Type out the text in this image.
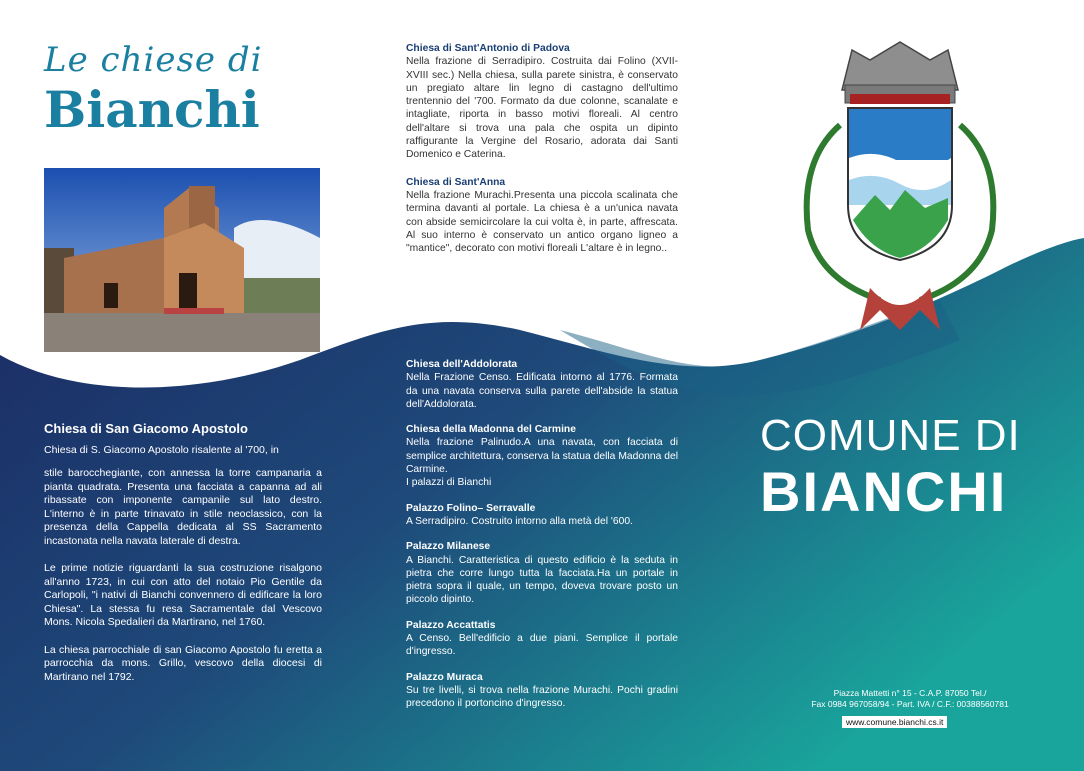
Le chiese di
Bianchi
Chiesa di Sant'Antonio di Padova

Nella frazione di Serradipiro. Costruita dai Folino (XVII-XVIII sec.) Nella chiesa, sulla parete sinistra, è conservato un pregiato altare lin legno di castagno dell'ultimo trentennio del '700. Formato da due colonne, scanalate e intagliate, riporta in basso motivi floreali. Al centro dell'altare si trova una pala che ospita un dipinto raffigurante la Vergine del Rosario, adorata dai Santi Domenico e Caterina.

Chiesa di Sant'Anna

Nella frazione Murachi.Presenta una piccola scalinata che termina davanti al portale. La chiesa è a un'unica navata con abside semicircolare la cui volta è, in parte, affrescata. Al suo interno è conservato un antico organo ligneo a "mantice", decorato con motivi floreali L'altare è in legno..

Chiesa di San Giacomo Apostolo

Chiesa di S. Giacomo Apostolo risalente al '700, in

stile barocchegiante, con annessa la torre campanaria a pianta quadrata. Presenta una facciata a capanna ad ali ribassate con imponente campanile sul lato destro. L'interno è in parte trinavato in stile neoclassico, con la presenza della Cappella dedicata al SS Sacramento incastonata nella navata laterale di destra.

Le prime notizie riguardanti la sua costruzione risalgono all'anno 1723, in cui con atto del notaio Pio Gentile da Carlopoli, "i nativi di Bianchi convennero di edificare la loro Chiesa". La stessa fu resa Sacramentale dal Vescovo Mons. Nicola Spedalieri da Martirano, nel 1760.

La chiesa parrocchiale di san Giacomo Apostolo fu eretta a parrocchia da mons. Grillo, vescovo della diocesi di Martirano nel 1792.

Chiesa dell'Addolorata

Nella Frazione Censo. Edificata intorno al 1776. Formata da una navata conserva sulla parete dell'abside la statua dell'Addolorata.

Chiesa della Madonna del Carmine

Nella frazione Palinudo.A una navata, con facciata di semplice architettura, conserva la statua della Madonna del Carmine.

I palazzi di Bianchi

Palazzo Folino– Serravalle

A Serradipiro. Costruito intorno alla metà del '600.

Palazzo Milanese

A Bianchi. Caratteristica di questo edificio è la seduta in pietra che corre lungo tutta la facciata.Ha un portale in pietra sopra il quale, un tempo, doveva trovare posto un piccolo dipinto.

Palazzo Accattatis

A Censo. Bell'edificio a due piani. Semplice il portale d'ingresso.

Palazzo Muraca

Su tre livelli, si trova nella frazione Murachi. Pochi gradini precedono il portoncino d'ingresso.

COMUNE DI
BIANCHI
Piazza Mattetti n° 15 - C.A.P. 87050 Tel./
Fax 0984 967058/94 - Part. IVA / C.F.: 00388560781
www.comune.bianchi.cs.it
